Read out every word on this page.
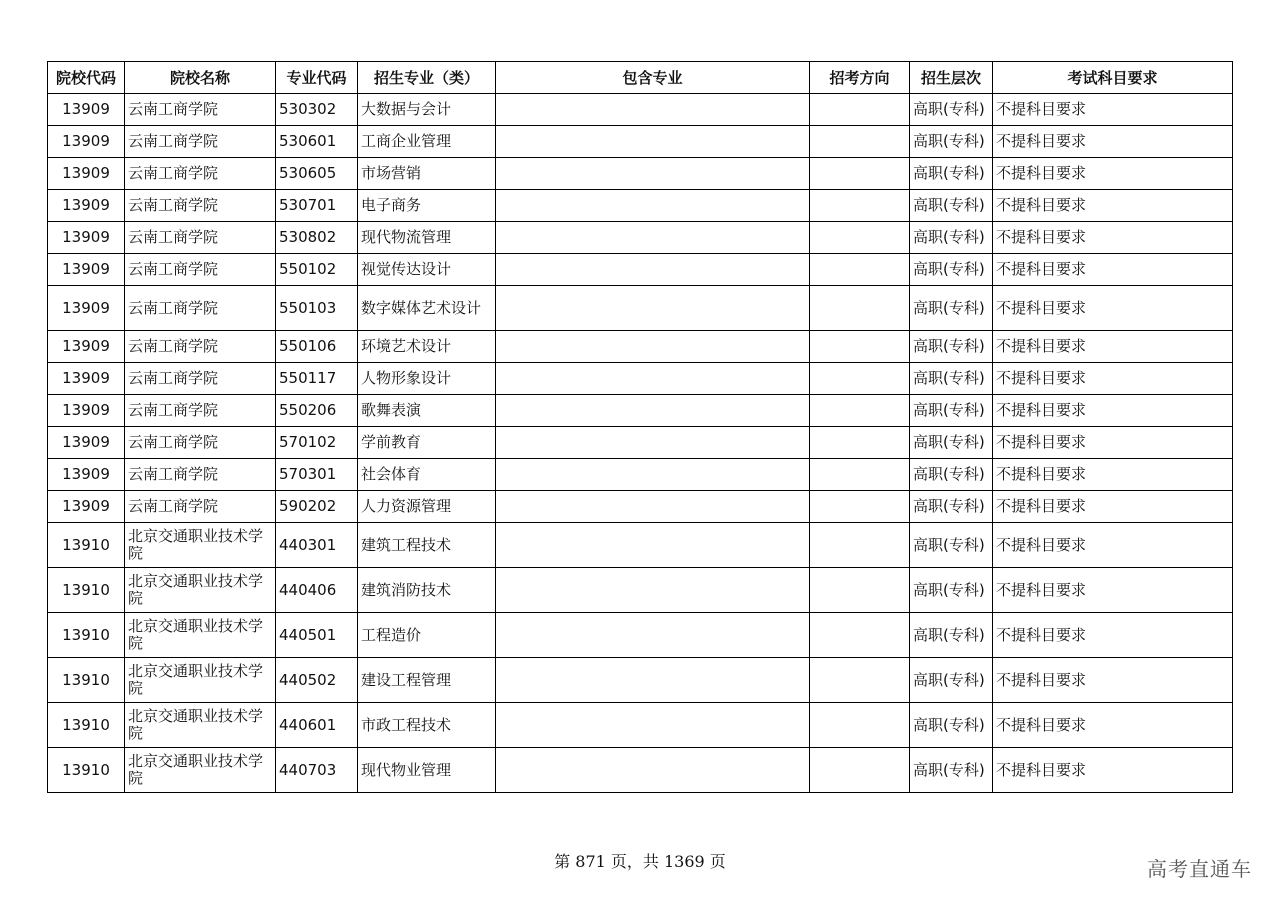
院校代码	院校名称	专业代码	招生专业（类）	包含专业	招考方向	招生层次	考试科目要求
13909	云南工商学院	530302	大数据与会计			高职(专科)	不提科目要求
13909	云南工商学院	530601	工商企业管理			高职(专科)	不提科目要求
13909	云南工商学院	530605	市场营销			高职(专科)	不提科目要求
13909	云南工商学院	530701	电子商务			高职(专科)	不提科目要求
13909	云南工商学院	530802	现代物流管理			高职(专科)	不提科目要求
13909	云南工商学院	550102	视觉传达设计			高职(专科)	不提科目要求
13909	云南工商学院	550103	数字媒体艺术设计			高职(专科)	不提科目要求
13909	云南工商学院	550106	环境艺术设计			高职(专科)	不提科目要求
13909	云南工商学院	550117	人物形象设计			高职(专科)	不提科目要求
13909	云南工商学院	550206	歌舞表演			高职(专科)	不提科目要求
13909	云南工商学院	570102	学前教育			高职(专科)	不提科目要求
13909	云南工商学院	570301	社会体育			高职(专科)	不提科目要求
13909	云南工商学院	590202	人力资源管理			高职(专科)	不提科目要求
13910	北京交通职业技术学院	440301	建筑工程技术			高职(专科)	不提科目要求
13910	北京交通职业技术学院	440406	建筑消防技术			高职(专科)	不提科目要求
13910	北京交通职业技术学院	440501	工程造价			高职(专科)	不提科目要求
13910	北京交通职业技术学院	440502	建设工程管理			高职(专科)	不提科目要求
13910	北京交通职业技术学院	440601	市政工程技术			高职(专科)	不提科目要求
13910	北京交通职业技术学院	440703	现代物业管理			高职(专科)	不提科目要求
第 871 页，共 1369 页	高考直通车
